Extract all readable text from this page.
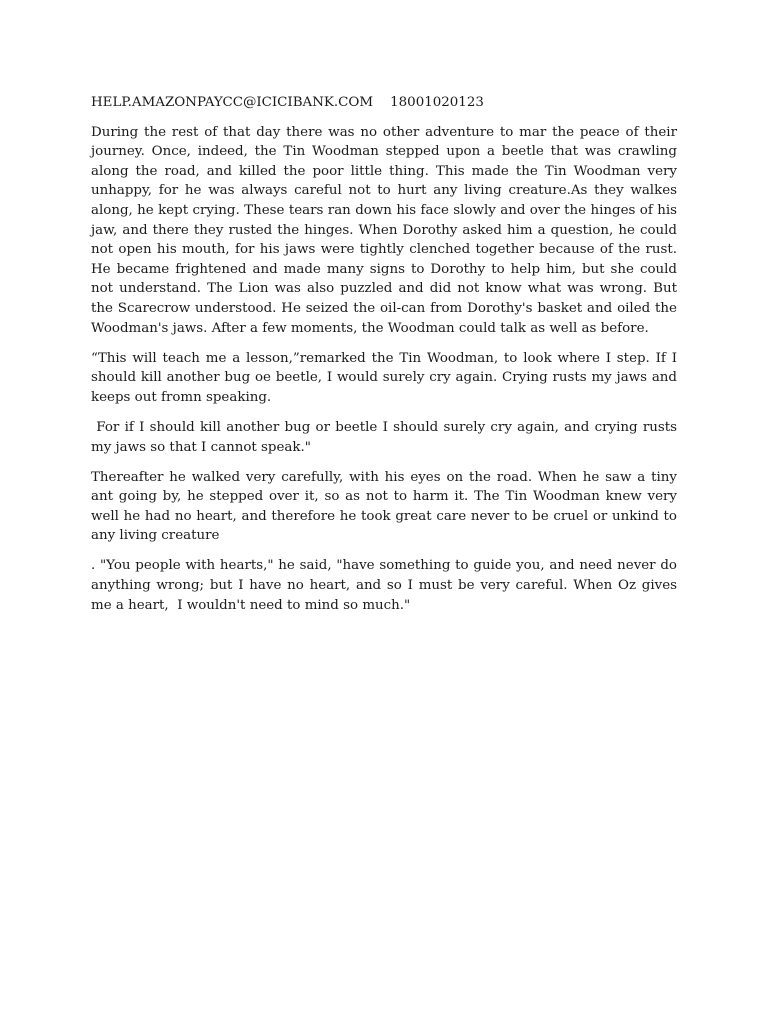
HELP.AMAZONPAYCC@ICICIBANK.COM    18001020123

During the rest of that day there was no other adventure to mar the peace of their journey. Once, indeed, the Tin Woodman stepped upon a beetle that was crawling along the road, and killed the poor little thing. This made the Tin Woodman very unhappy, for he was always careful not to hurt any living creature.As they walkes along, he kept crying. These tears ran down his face slowly and over the hinges of his jaw, and there they rusted the hinges. When Dorothy asked him a question, he could not open his mouth, for his jaws were tightly clenched together because of the rust. He became frightened and made many signs to Dorothy to help him, but she could not understand. The Lion was also puzzled and did not know what was wrong. But the Scarecrow understood. He seized the oil-can from Dorothy's basket and oiled the Woodman's jaws. After a few moments, the Woodman could talk as well as before.

“This will teach me a lesson,”remarked the Tin Woodman, to look where I step. If I should kill another bug oe beetle, I would surely cry again. Crying rusts my jaws and keeps out fromn speaking.

For if I should kill another bug or beetle I should surely cry again, and crying rusts my jaws so that I cannot speak."

Thereafter he walked very carefully, with his eyes on the road. When he saw a tiny ant going by, he stepped over it, so as not to harm it. The Tin Woodman knew very well he had no heart, and therefore he took great care never to be cruel or unkind to any living creature

. "You people with hearts," he said, "have something to guide you, and need never do anything wrong; but I have no heart, and so I must be very careful. When Oz gives me a heart,  I wouldn't need to mind so much."
